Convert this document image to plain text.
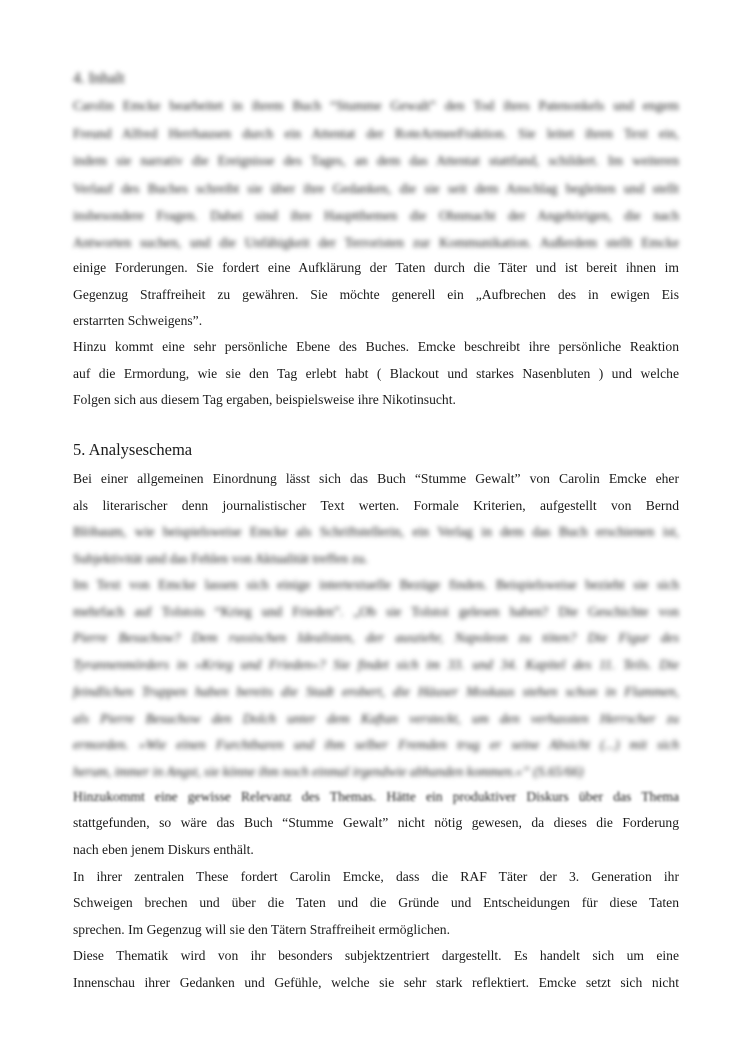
4. Inhalt
Carolin Emcke bearbeitet in ihrem Buch “Stumme Gewalt” den Tod ihres Patenonkels und engem
Freund Alfred Herrhausen durch ein Attentat der RoteArmeeFraktion. Sie leitet ihren Text ein,
indem sie narrativ die Ereignisse des Tages, an dem das Attentat stattfand, schildert. Im weiteren
Verlauf des Buches schreibt sie über ihre Gedanken, die sie seit dem Anschlag begleiten und stellt
insbesondere Fragen. Dabei sind ihre Hauptthemen die Ohnmacht der Angehörigen, die nach
Antworten suchen, und die Unfähigkeit der Terroristen zur Kommunikation. Außerdem stellt Emcke
einige Forderungen. Sie fordert eine Aufklärung der Taten durch die Täter und ist bereit ihnen im
Gegenzug Straffreiheit zu gewähren. Sie möchte generell ein „Aufbrechen des in ewigen Eis
erstarrten Schweigens”.
Hinzu kommt eine sehr persönliche Ebene des Buches. Emcke beschreibt ihre persönliche Reaktion
auf die Ermordung, wie sie den Tag erlebt habt ( Blackout und starkes Nasenbluten ) und welche
Folgen sich aus diesem Tag ergaben, beispielsweise ihre Nikotinsucht.
5. Analyseschema
Bei einer allgemeinen Einordnung lässt sich das Buch “Stumme Gewalt” von Carolin Emcke eher
als literarischer denn journalistischer Text werten. Formale Kriterien, aufgestellt von Bernd
Blöbaum, wie beispielsweise Emcke als Schriftstellerin, ein Verlag in dem das Buch erschienen ist,
Subjektivität und das Fehlen von Aktualität treffen zu.
Im Text von Emcke lassen sich einige intertextuelle Bezüge finden. Beispielsweise bezieht sie sich
mehrfach auf Tolstois “Krieg und Frieden”. „Ob sie Tolstoi gelesen haben? Die Geschichte von
Pierre Besuchow? Dem russischen Idealisten, der ausziehr, Napoleon zu töten? Die Figur des
Tyrannenmörders in »Krieg und Frieden«? Sie findet sich im 33. und 34. Kapitel des 11. Teils. Die
feindlichen Truppen haben bereits die Stadt erobert, die Häuser Moskaus stehen schon in Flammen,
als Pierre Besuchow den Dolch unter dem Kaftan versteckt, um den verhassten Herrscher zu
ermorden. »Wie einen Furchtbaren und ihm selber Fremden trug er seine Absicht (...) mit sich
herum, immer in Angst, sie könne ihm noch einmal irgendwie abhanden kommen.«” (S.65/66)
Hinzukommt eine gewisse Relevanz des Themas. Hätte ein produktiver Diskurs über das Thema
stattgefunden, so wäre das Buch “Stumme Gewalt” nicht nötig gewesen, da dieses die Forderung
nach eben jenem Diskurs enthält.
In ihrer zentralen These fordert Carolin Emcke, dass die RAF Täter der 3. Generation ihr
Schweigen brechen und über die Taten und die Gründe und Entscheidungen für diese Taten
sprechen. Im Gegenzug will sie den Tätern Straffreiheit ermöglichen.
Diese Thematik wird von ihr besonders subjektzentriert dargestellt. Es handelt sich um eine
Innenschau ihrer Gedanken und Gefühle, welche sie sehr stark reflektiert. Emcke setzt sich nicht
